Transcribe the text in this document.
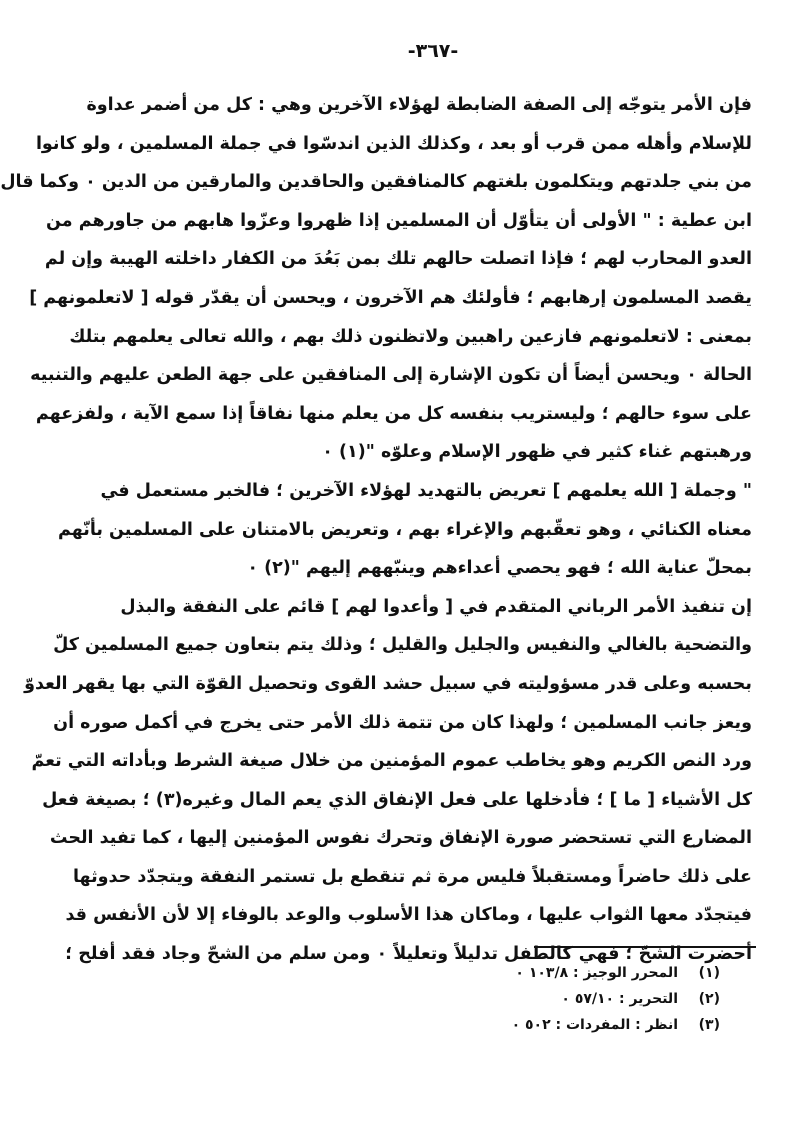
-٣٦٧-
فإن الأمر يتوجّه إلى الصفة الضابطة لهؤلاء الآخرين وهي : كل من أضمر عداوة
للإسلام وأهله ممن قرب أو بعد ، وكذلك الذين اندسّوا في جملة المسلمين ، ولو كانوا
من بني جلدتهم ويتكلمون بلغتهم كالمنافقين والحاقدين والمارقين من الدين ٠ وكما قال
ابن عطية : " الأولى أن يتأوّل أن المسلمين إذا ظهروا وعزّوا هابهم من جاورهم من
العدو المحارب لهم ؛ فإذا اتصلت حالهم تلك بمن بَعُدَ من الكفار داخلته الهيبة وإن لم
يقصد المسلمون إرهابهم ؛ فأولئك هم الآخرون ، ويحسن أن يقدّر قوله [ لاتعلمونهم ]
بمعنى : لاتعلمونهم فازعين راهبين ولاتظنون ذلك بهم ، والله تعالى يعلمهم بتلك
الحالة ٠ ويحسن أيضاً أن تكون الإشارة إلى المنافقين على جهة الطعن عليهم والتنبيه
على سوء حالهم ؛ وليستريب بنفسه كل من يعلم منها نفاقاً إذا سمع الآية ، ولفزعهم
ورهبتهم غناء كثير في ظهور الإسلام وعلوّه "(١) ٠
" وجملة [ الله يعلمهم ] تعريض بالتهديد لهؤلاء الآخرين ؛ فالخبر مستعمل في
معناه الكنائي ، وهو تعقّبهم والإغراء بهم ، وتعريض بالامتنان على المسلمين بأنّهم
بمحلّ عناية الله ؛ فهو يحصي أعداءهم وينبّههم إليهم "(٢) ٠
إن تنفيذ الأمر الرباني المتقدم في [ وأعدوا لهم ] قائم على النفقة والبذل
والتضحية بالغالي والنفيس والجليل والقليل ؛ وذلك يتم بتعاون جميع المسلمين كلّ
بحسبه وعلى قدر مسؤوليته في سبيل حشد القوى وتحصيل القوّة التي بها يقهر العدوّ
ويعز جانب المسلمين ؛ ولهذا كان من تتمة ذلك الأمر حتى يخرج في أكمل صوره أن
ورد النص الكريم وهو يخاطب عموم المؤمنين من خلال صيغة الشرط وبأداته التي تعمّ
كل الأشياء [ ما ] ؛ فأدخلها على فعل الإنفاق الذي يعم المال وغيره(٣) ؛ بصيغة فعل
المضارع التي تستحضر صورة الإنفاق وتحرك نفوس المؤمنين إليها ، كما تفيد الحث
على ذلك حاضراً ومستقبلاً فليس مرة ثم تنقطع بل تستمر النفقة ويتجدّد حدوثها
فيتجدّد معها الثواب عليها ، وماكان هذا الأسلوب والوعد بالوفاء إلا لأن الأنفس قد
أحضرت الشحّ ؛ فهي كالطفل تدليلاً وتعليلاً ٠ ومن سلم من الشحّ وجاد فقد أفلح ؛
(١)
المحرر الوجيز : ١٠٣/٨ ٠
(٢)
التحرير : ٥٧/١٠ ٠
(٣)
انظر : المفردات : ٥٠٢ ٠
